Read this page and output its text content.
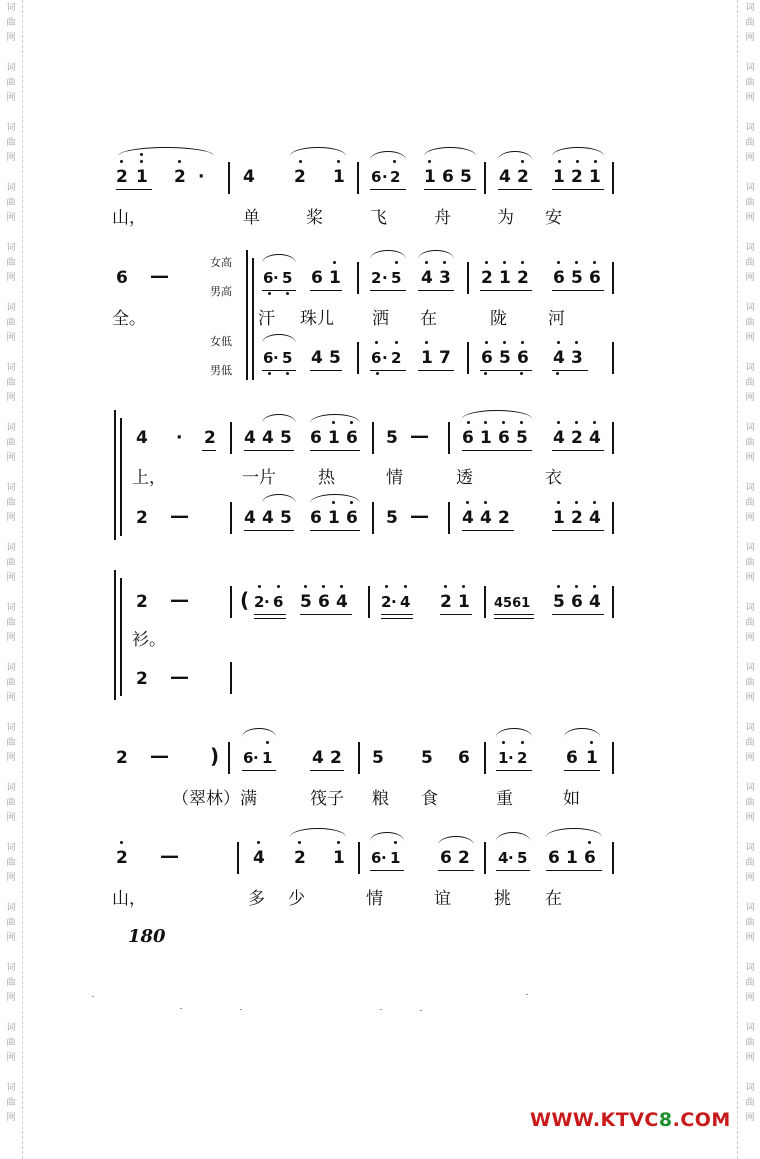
词
曲
网
词
曲
网
词
曲
网
词
曲
网
词
曲
网
词
曲
网
词
曲
网
词
曲
网
词
曲
网
词
曲
网
词
曲
网
词
曲
网
词
曲
网
词
曲
网
词
曲
网
词
曲
网
词
曲
网
词
曲
网
词
曲
网
词
曲
网
词
曲
网
词
曲
网
词
曲
网
词
曲
网
词
曲
网
词
曲
网
词
曲
网
词
曲
网
词
曲
网
词
曲
网
词
曲
网
词
曲
网
词
曲
网
词
曲
网
词
曲
网
词
曲
网
词
曲
网
词
曲
网
2 1 2 · 4 2 1 6 · 2 1 6 5 4 2 1 2 1
山，	单	桨	飞	舟	为 安
6 —
女高
男高
女低
男低
6 · 5 6 1 2 · 5 4 3 2 1 2 6 5 6
全。	汗 珠儿 洒 在	陇 河
6 · 5 4 5 6 · 2 1 7 6 5 6 4 3
4 · 2 4 4 5 6 1 6 5 — 6 1 6 5 4 2 4
上，	一片 热	情	透	衣
2 —	4 4 5 6 1 6 5 — 4 4 2	1 2 4
2 —	( 2 · 6 5 6 4 2 · 4 2 1 4561 5 6 4
衫。
2 —
2 — ) 6 · 1 4 2 5 5 6 1 · 2 6 1
（翠林）满	筏子 粮 食	重	如
2 —	4 2 1 6 · 1 6 2 4 · 5 6 1 6
山，	多 少	情	谊	挑 在
180
WWW.KTVC8.COM
